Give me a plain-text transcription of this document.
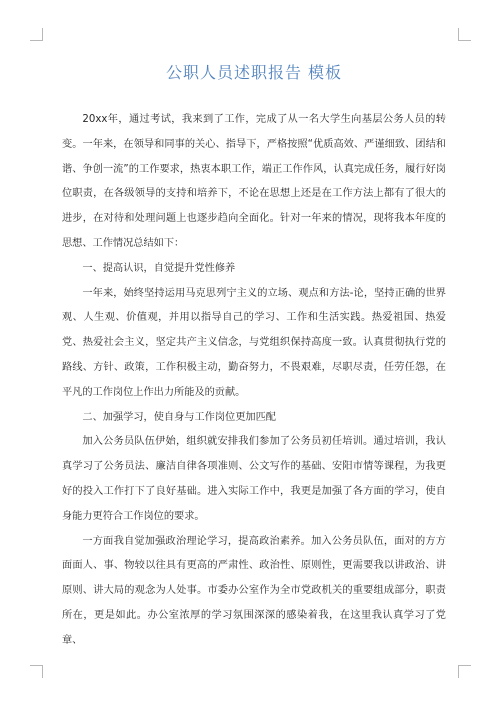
公职人员述职报告 模板

20xx年，通过考试，我来到了工作，完成了从一名大学生向基层公务人员的转变。一年来，在领导和同事的关心、指导下，严格按照“优质高效、严谨细致、团结和谐、争创一流”的工作要求，热衷本职工作，端正工作作风，认真完成任务，履行好岗位职责，在各级领导的支持和培养下，不论在思想上还是在工作方法上都有了很大的进步，在对待和处理问题上也逐步趋向全面化。针对一年来的情况，现将我本年度的思想、工作情况总结如下：

一、提高认识，自觉提升党性修养

一年来，始终坚持运用马克思列宁主义的立场、观点和方法-论，坚持正确的世界观、人生观、价值观，并用以指导自己的学习、工作和生活实践。热爱祖国、热爱党、热爱社会主义，坚定共产主义信念，与党组织保持高度一致。认真贯彻执行党的路线、方针、政策，工作积极主动，勤奋努力，不畏艰难，尽职尽责，任劳任怨，在平凡的工作岗位上作出力所能及的贡献。

二、加强学习，使自身与工作岗位更加匹配

加入公务员队伍伊始，组织就安排我们参加了公务员初任培训。通过培训，我认真学习了公务员法、廉洁自律各项准则、公文写作的基础、安阳市情等课程，为我更好的投入工作打下了良好基础。进入实际工作中，我更是加强了各方面的学习，使自身能力更符合工作岗位的要求。

一方面我自觉加强政治理论学习，提高政治素养。加入公务员队伍，面对的方方面面人、事、物较以往具有更高的严肃性、政治性、原则性，更需要我以讲政治、讲原则、讲大局的观念为人处事。市委办公室作为全市党政机关的重要组成部分，职责所在，更是如此。办公室浓厚的学习氛围深深的感染着我，在这里我认真学习了党章、
